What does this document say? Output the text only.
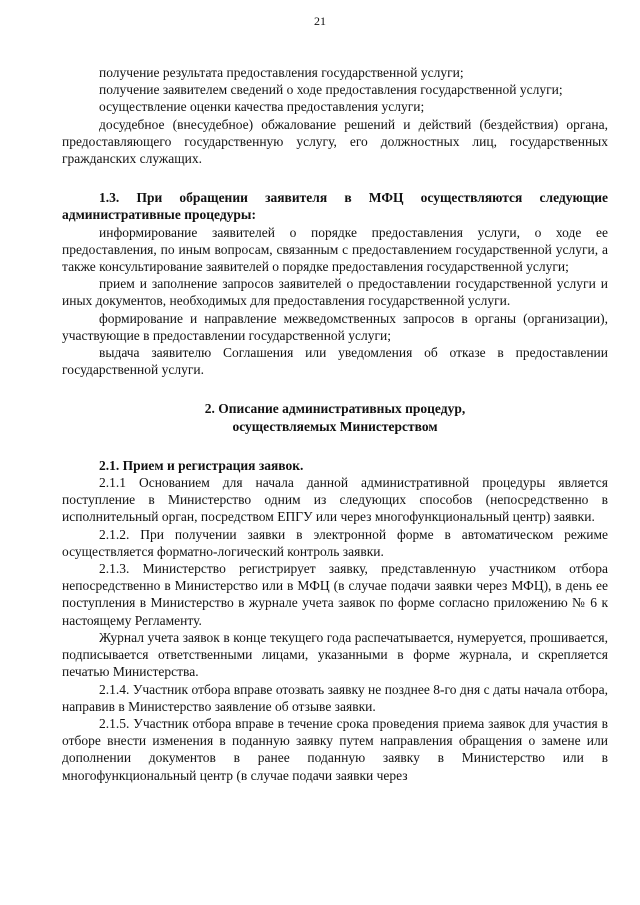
21

получение результата предоставления государственной услуги;

получение заявителем сведений о ходе предоставления государственной услуги;

осуществление оценки качества предоставления услуги;

досудебное (внесудебное) обжалование решений и действий (бездействия) органа, предоставляющего государственную услугу, его должностных лиц, государственных гражданских служащих.

1.3. При обращении заявителя в МФЦ осуществляются следующие административные процедуры:

информирование заявителей о порядке предоставления услуги, о ходе ее предоставления, по иным вопросам, связанным с предоставлением государственной услуги, а также консультирование заявителей о порядке предоставления государственной услуги;

прием и заполнение запросов заявителей о предоставлении государственной услуги и иных документов, необходимых для предоставления государственной услуги.

формирование и направление межведомственных запросов в органы (организации), участвующие в предоставлении государственной услуги;

выдача заявителю Соглашения или уведомления об отказе в предоставлении государственной услуги.

2. Описание административных процедур,
осуществляемых Министерством

2.1. Прием и регистрация заявок.

2.1.1 Основанием для начала данной административной процедуры является поступление в Министерство одним из следующих способов (непосредственно в исполнительный орган, посредством ЕПГУ или через многофункциональный центр) заявки.

2.1.2. При получении заявки в электронной форме в автоматическом режиме осуществляется форматно-логический контроль заявки.

2.1.3. Министерство регистрирует заявку, представленную участником отбора непосредственно в Министерство или в МФЦ (в случае подачи заявки через МФЦ), в день ее поступления в Министерство в журнале учета заявок по форме согласно приложению № 6 к настоящему Регламенту.

Журнал учета заявок в конце текущего года распечатывается, нумеруется, прошивается, подписывается ответственными лицами, указанными в форме журнала, и скрепляется печатью Министерства.

2.1.4. Участник отбора вправе отозвать заявку не позднее 8-го дня с даты начала отбора, направив в Министерство заявление об отзыве заявки.

2.1.5. Участник отбора вправе в течение срока проведения приема заявок для участия в отборе внести изменения в поданную заявку путем направления обращения о замене или дополнении документов в ранее поданную заявку в Министерство или в многофункциональный центр (в случае подачи заявки через
